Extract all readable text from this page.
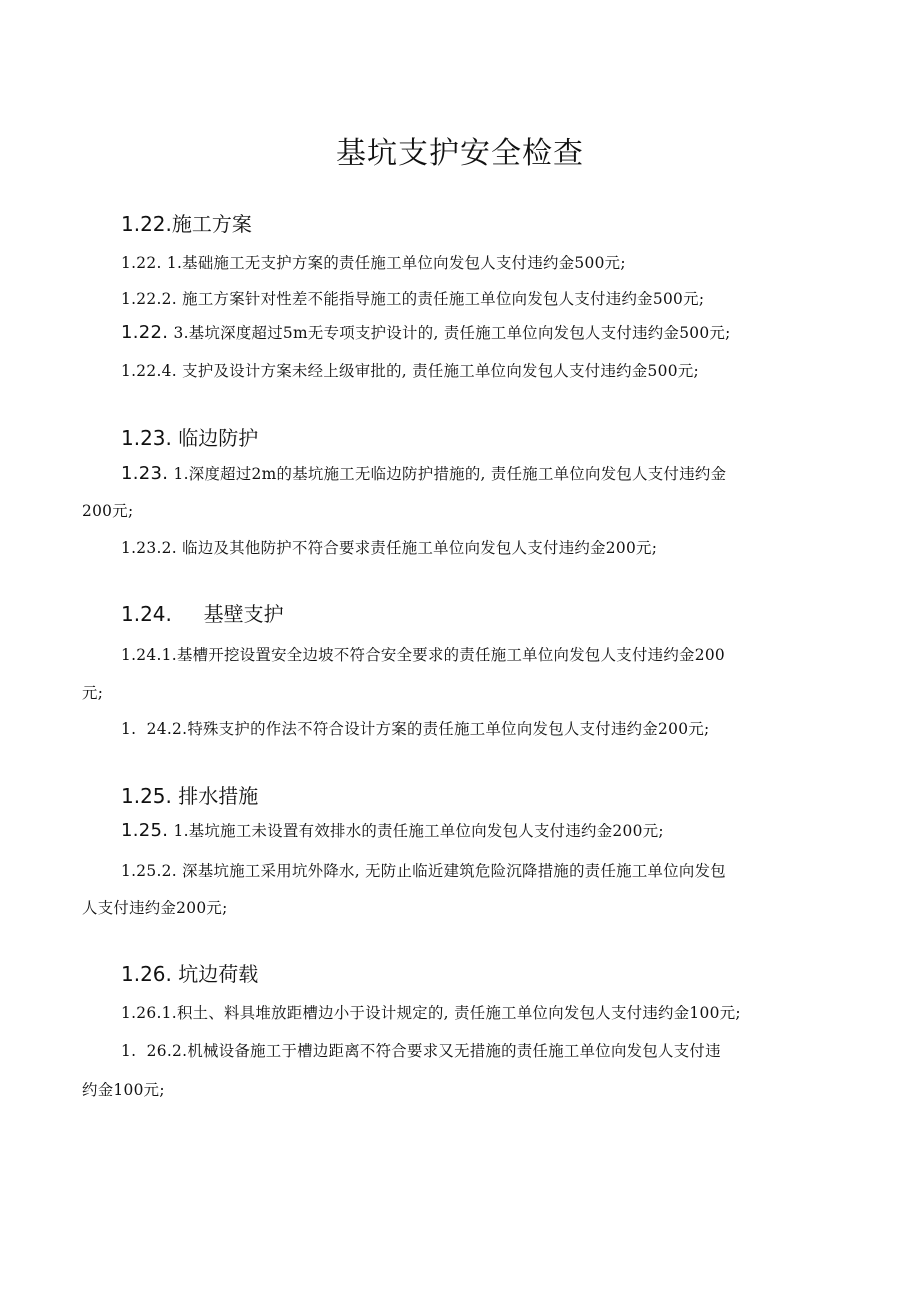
基坑支护安全检查
1.22.施工方案
1.22. 1.基础施工无支护方案的责任施工单位向发包人支付违约金500元;
1.22.2. 施工方案针对性差不能指导施工的责任施工单位向发包人支付违约金500元;
1.22. 3.基坑深度超过5m无专项支护设计的, 责任施工单位向发包人支付违约金500元;
1.22.4. 支护及设计方案未经上级审批的, 责任施工单位向发包人支付违约金500元;
1.23. 临边防护
1.23. 1.深度超过2m的基坑施工无临边防护措施的, 责任施工单位向发包人支付违约金
200元;
1.23.2. 临边及其他防护不符合要求责任施工单位向发包人支付违约金200元;
1.24.     基壁支护
1.24.1.基槽开挖设置安全边坡不符合安全要求的责任施工单位向发包人支付违约金200
元;
1.  24.2.特殊支护的作法不符合设计方案的责任施工单位向发包人支付违约金200元;
1.25. 排水措施
1.25. 1.基坑施工未设置有效排水的责任施工单位向发包人支付违约金200元;
1.25.2. 深基坑施工采用坑外降水, 无防止临近建筑危险沉降措施的责任施工单位向发包
人支付违约金200元;
1.26. 坑边荷载
1.26.1.积土、料具堆放距槽边小于设计规定的, 责任施工单位向发包人支付违约金100元;
1.  26.2.机械设备施工于槽边距离不符合要求又无措施的责任施工单位向发包人支付违
约金100元;
